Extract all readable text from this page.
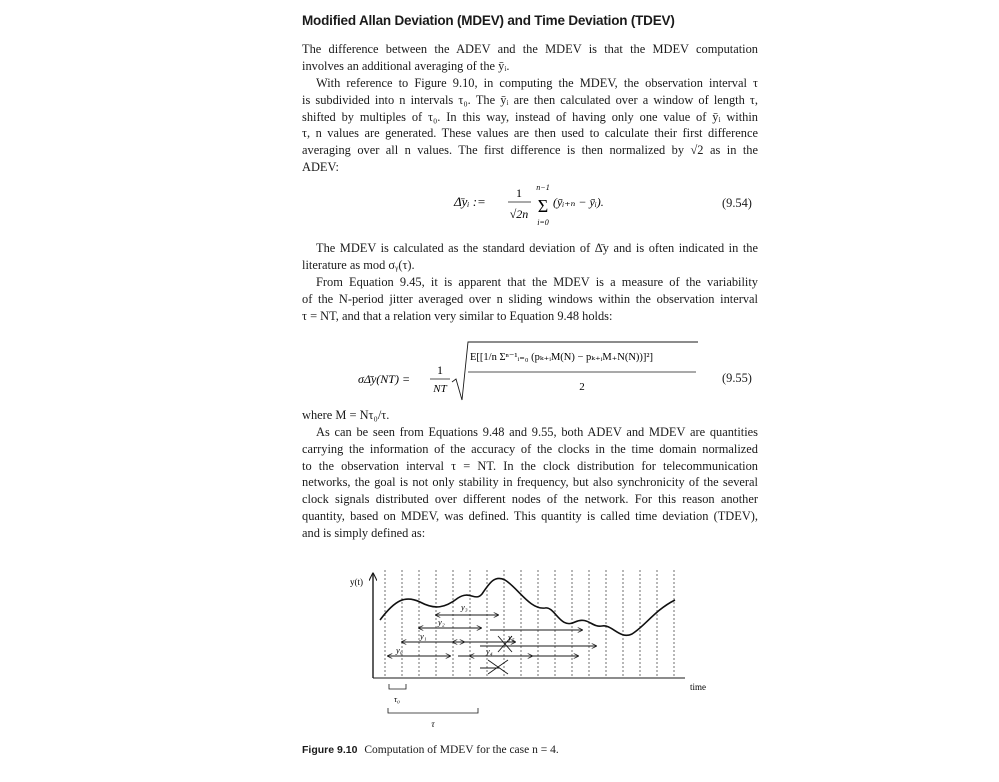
Modified Allan Deviation (MDEV) and Time Deviation (TDEV)
The difference between the ADEV and the MDEV is that the MDEV computation
involves an additional averaging of the ȳᵢ.
With reference to Figure 9.10, in computing the MDEV, the observation interval τ
is subdivided into n intervals τ₀. The ȳᵢ are then calculated over a window of length τ,
shifted by multiples of τ₀. In this way, instead of having only one value of ȳᵢ within
τ, n values are generated. These values are then used to calculate their first difference
averaging over all n values. The first difference is then normalized by √2 as in the
ADEV:
Δ̄yᵢ :=
1
√2n
n−1
Σ
i=0
(ȳᵢ₊ₙ − ȳᵢ).	(9.54)
The MDEV is calculated as the standard deviation of Δ̄y and is often indicated in the
literature as mod σᵧ(τ).
From Equation 9.45, it is apparent that the MDEV is a measure of the variability
of the N-period jitter averaged over n sliding windows within the observation interval
τ = NT, and that a relation very similar to Equation 9.48 holds:
σΔ̄y(NT) =
1
NT
E[[1/n Σⁿ⁻¹ᵢ₌₀ (pₖ₊ᵢM(N) − pₖ₊ᵢM₊N(N))]²]
2
(9.55)
where M = Nτ₀/τ.
As can be seen from Equations 9.48 and 9.55, both ADEV and MDEV are quantities
carrying the information of the accuracy of the clocks in the time domain normalized
to the observation interval τ = NT. In the clock distribution for telecommunication
networks, the goal is not only stability in frequency, but also synchronicity of the several
clock signals distributed over different nodes of the network. For this reason another
quantity, based on MDEV, was defined. This quantity is called time deviation (TDEV),
and is simply defined as:
y(t)
time
y₀
y₁
y₂
y₃
y₄
y₅
τ₀
τ
Figure 9.10 Computation of MDEV for the case n = 4.
